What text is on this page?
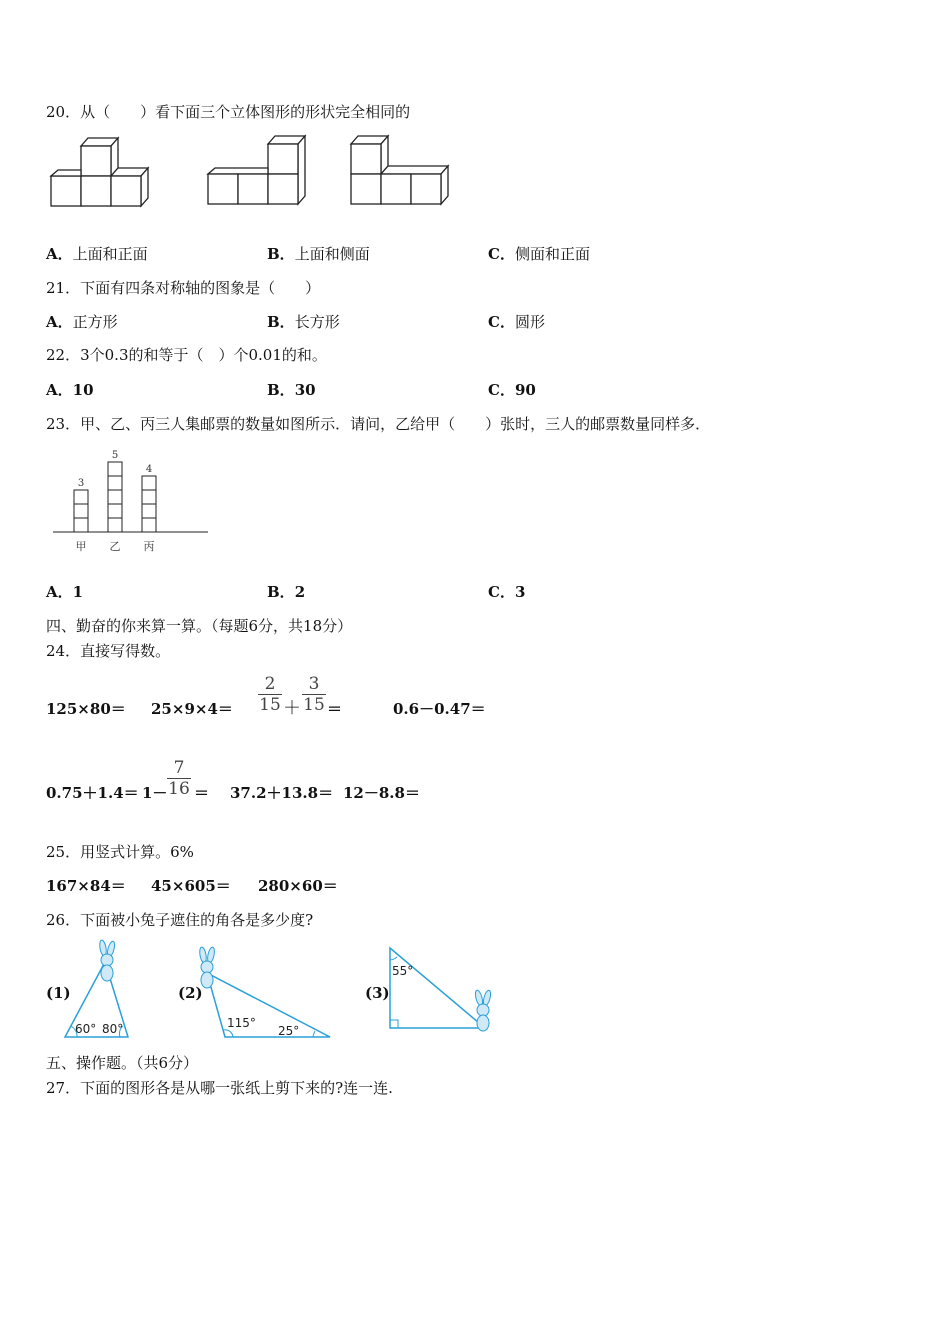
20．从（　　）看下面三个立体图形的形状完全相同的
A．上面和正面	B．上面和侧面	C．侧面和正面
21．下面有四条对称轴的图象是（　　）
A．正方形	B．长方形	C．圆形
22．3个0.3的和等于（　）个0.01的和。
A．10	B．30	C．90
23．甲、乙、丙三人集邮票的数量如图所示．请问，乙给甲（　　）张时，三人的邮票数量同样多．
3
5
4
甲 乙 丙
A．1	B．2	C．3
四、勤奋的你来算一算。（每题6分，共18分）
24．直接写得数。
125×80＝ 25×9×4＝
2
15 ＋
3
15 ＝	0.6－0.47＝
0.75＋1.4＝ 1－
7
16 ＝ 37.2＋13.8＝ 12－8.8＝
25．用竖式计算。6%
167×84＝ 45×605＝ 280×60＝
26．下面被小兔子遮住的角各是多少度?
(1)
60° 80°
(2)
115°
25°
(3)
55°
五、操作题。（共6分）
27．下面的图形各是从哪一张纸上剪下来的?连一连.
